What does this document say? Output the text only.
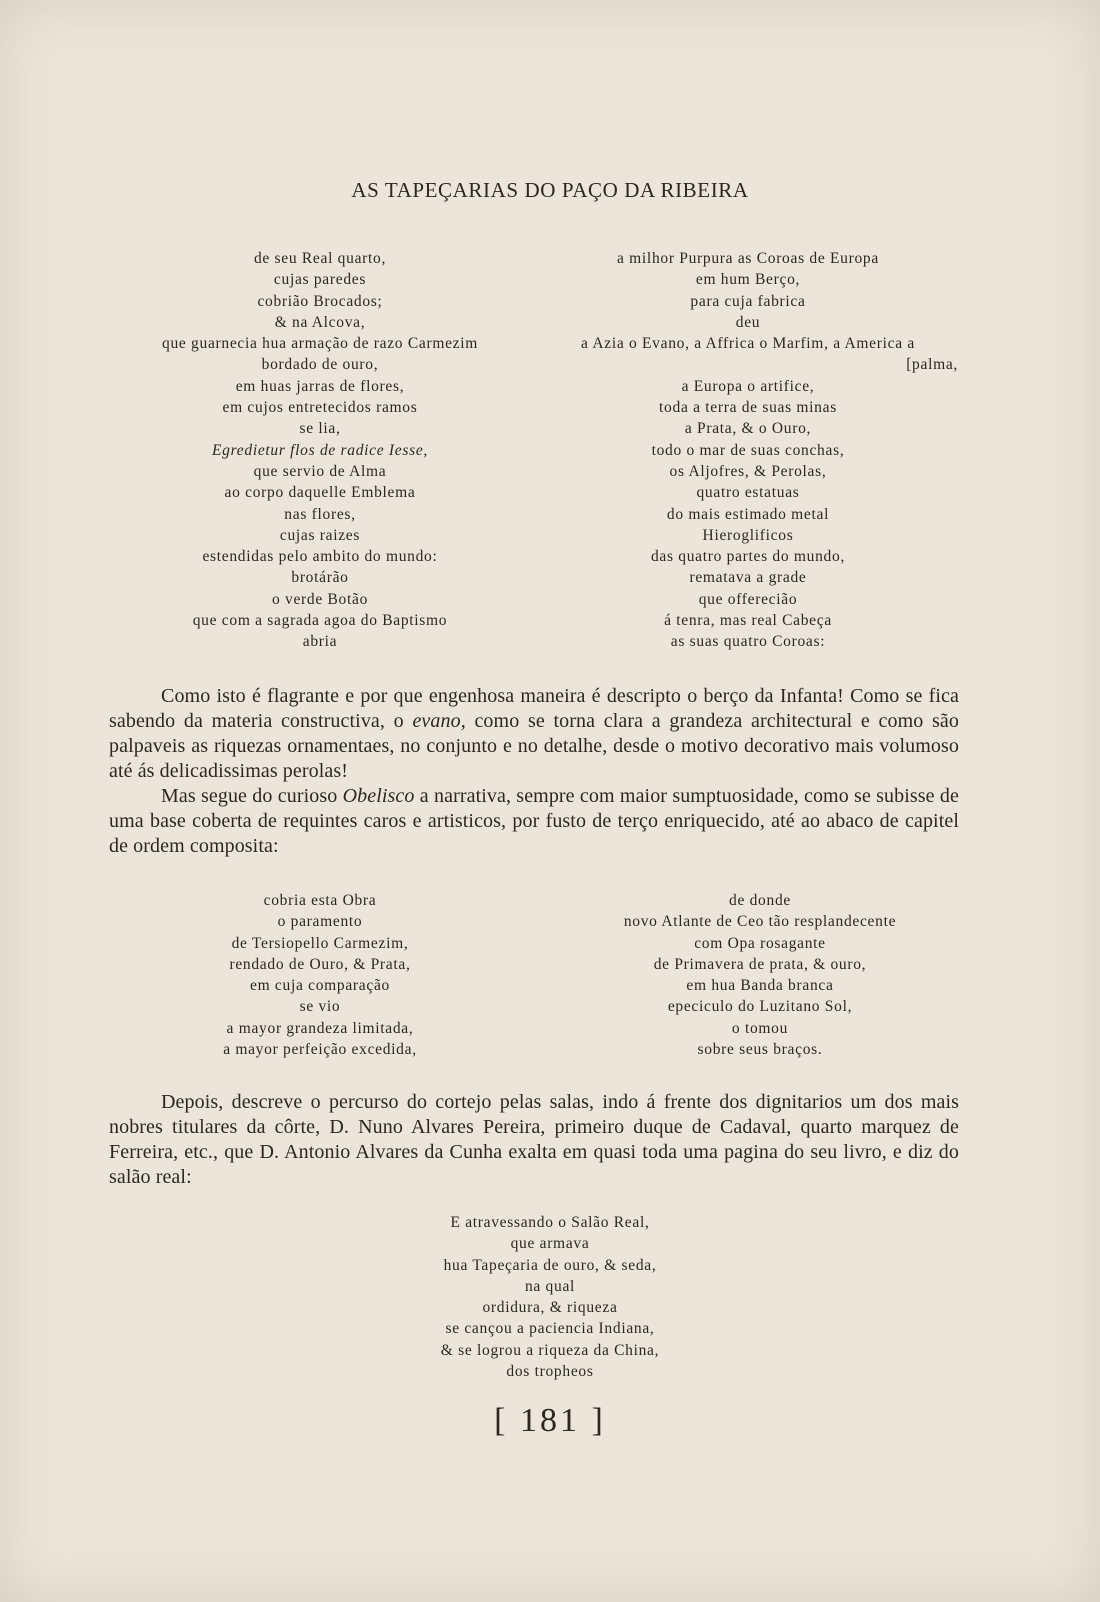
AS TAPEÇARIAS DO PAÇO DA RIBEIRA
de seu Real quarto,
cujas paredes
cobrião Brocados;
& na Alcova,
que guarnecia hua armação de razo Carmezim
bordado de ouro,
em huas jarras de flores,
em cujos entretecidos ramos
se lia,
Egredietur flos de radice Iesse,
que servio de Alma
ao corpo daquelle Emblema
nas flores,
cujas raizes
estendidas pelo ambito do mundo:
brotárão
o verde Botão
que com a sagrada agoa do Baptismo
abria
a milhor Purpura as Coroas de Europa
em hum Berço,
para cuja fabrica
deu
a Azia o Evano, a Affrica o Marfim, a America a
[palma,
a Europa o artifice,
toda a terra de suas minas
a Prata, & o Ouro,
todo o mar de suas conchas,
os Aljofres, & Perolas,
quatro estatuas
do mais estimado metal
Hieroglificos
das quatro partes do mundo,
rematava a grade
que offerecião
á tenra, mas real Cabeça
as suas quatro Coroas:

Como isto é flagrante e por que engenhosa maneira é descripto o berço da Infanta! Como se fica sabendo da materia constructiva, o evano, como se torna clara a grandeza architectural e como são palpaveis as riquezas ornamentaes, no conjunto e no detalhe, desde o motivo decorativo mais volumoso até ás delicadissimas perolas!

Mas segue do curioso Obelisco a narrativa, sempre com maior sumptuosidade, como se subisse de uma base coberta de requintes caros e artisticos, por fusto de terço enriquecido, até ao abaco de capitel de ordem composita:

cobria esta Obra
o paramento
de Tersiopello Carmezim,
rendado de Ouro, & Prata,
em cuja comparação
se vio
a mayor grandeza limitada,
a mayor perfeição excedida,
de donde
novo Atlante de Ceo tão resplandecente
com Opa rosagante
de Primavera de prata, & ouro,
em hua Banda branca
epeciculo do Luzitano Sol,
o tomou
sobre seus braços.

Depois, descreve o percurso do cortejo pelas salas, indo á frente dos dignitarios um dos mais nobres titulares da côrte, D. Nuno Alvares Pereira, primeiro duque de Cadaval, quarto marquez de Ferreira, etc., que D. Antonio Alvares da Cunha exalta em quasi toda uma pagina do seu livro, e diz do salão real:

E atravessando o Salão Real,
que armava
hua Tapeçaria de ouro, & seda,
na qual
ordidura, & riqueza
se cançou a paciencia Indiana,
& se logrou a riqueza da China,
dos tropheos
[ 181 ]
